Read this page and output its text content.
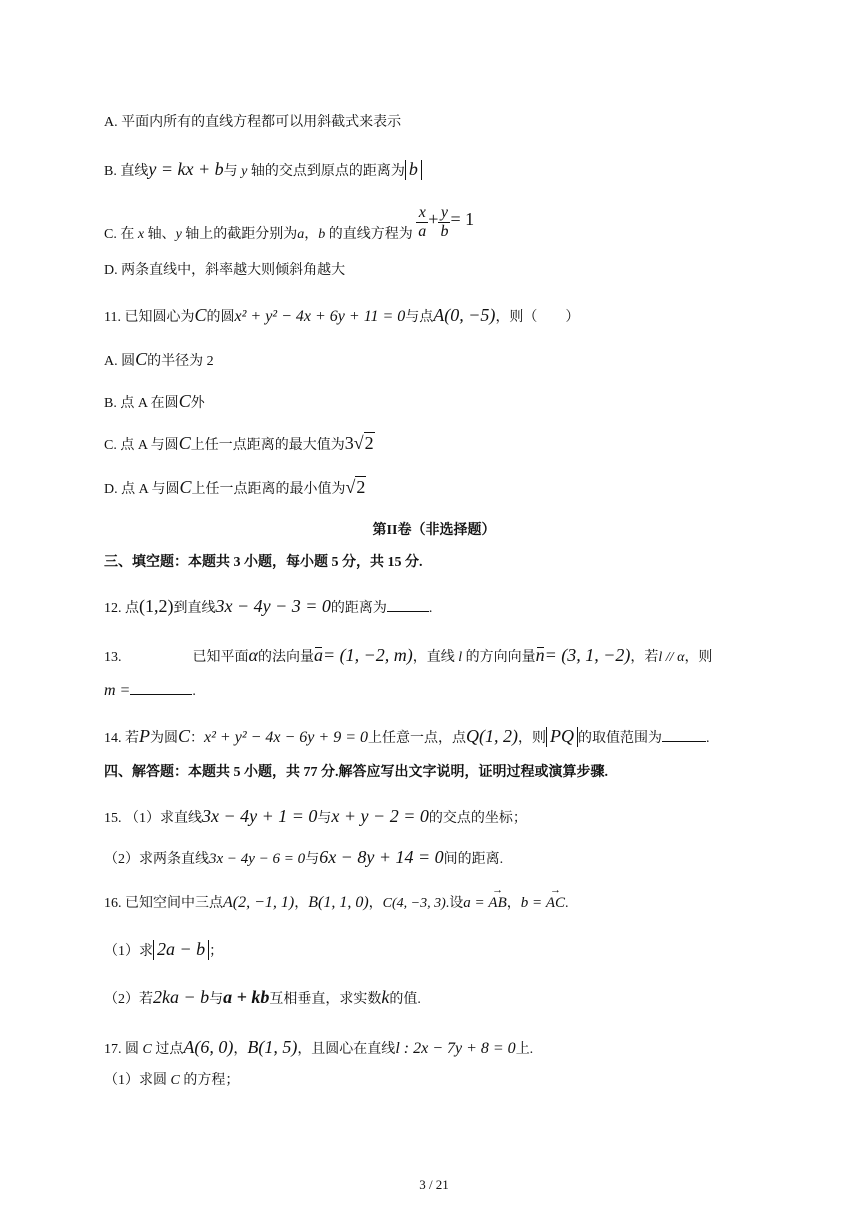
A. 平面内所有的直线方程都可以用斜截式来表示
B. 直线y = kx + b与 y 轴的交点到原点的距离为 b
C. 在 x 轴、y 轴上的截距分别为a，b 的直线方程为 $\frac{x}{a} + \frac{y}{b} = 1$
D. 两条直线中，斜率越大则倾斜角越大
11. 已知圆心为C的圆x² + y² − 4x + 6y + 11 = 0与点A(0, −5)，则（　　）
A. 圆C的半径为 2
B. 点 A 在圆C外
C. 点 A 与圆C上任一点距离的最大值为3√2
D. 点 A 与圆C上任一点距离的最小值为√2
第II卷（非选择题）
三、填空题：本题共 3 小题，每小题 5 分，共 15 分.
12. 点(1,2)到直线3x − 4y − 3 = 0的距离为	.
13.	已知平面α的法向量a= (1, −2, m)，直线 l 的方向向量n= (3, 1, −2)，若l // α，则
m =	.
14. 若P为圆C：x² + y² − 4x − 6y + 9 = 0上任意一点，点Q(1, 2)，则 PQ 的取值范围为	.
四、解答题：本题共 5 小题，共 77 分.解答应写出文字说明，证明过程或演算步骤.
15. （1）求直线3x − 4y + 1 = 0与x + y − 2 = 0的交点的坐标；
（2）求两条直线3x − 4y − 6 = 0与6x − 8y + 14 = 0间的距离.
16. 已知空间中三点A(2, −1, 1)，B(1, 1, 0)，C(4, −3, 3).设a = → AB，b = → AC.
（1）求 2a − b ；
（2）若2ka − b与a + kb互相垂直，求实数k的值.
17. 圆 C 过点A(6, 0)，B(1, 5)，且圆心在直线l : 2x − 7y + 8 = 0上.
（1）求圆 C 的方程；
3 / 21
